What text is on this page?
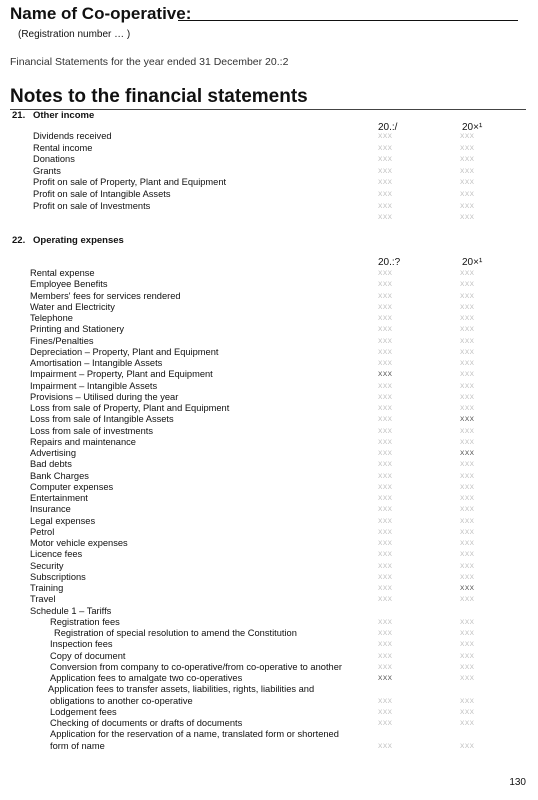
Name of Co-operative:
(Registration number … )
Financial Statements for the year ended 31 December 20.:2
Notes to the financial statements
21. Other income
20.:/	20×¹
Dividends received	XXX	XXX
Rental income	XXX	XXX
Donations	XXX	XXX
Grants	XXX	XXX
Profit on sale of Property, Plant and Equipment	XXX	XXX
Profit on sale of Intangible Assets	XXX	XXX
Profit on sale of Investments	XXX	XXX
XXX	XXX
22. Operating expenses
20.:?	20×¹
Rental expense	XXX	XXX
Employee Benefits	XXX	XXX
Members' fees for services rendered	XXX	XXX
Water and Electricity	XXX	XXX
Telephone	XXX	XXX
Printing and Stationery	XXX	XXX
Fines/Penalties	XXX	XXX
Depreciation – Property, Plant and Equipment	XXX	XXX
Amortisation – Intangible Assets	XXX	XXX
Impairment – Property, Plant and Equipment	XXX	XXX
Impairment – Intangible Assets	XXX	XXX
Provisions – Utilised during the year	XXX	XXX
Loss from sale of Property, Plant and Equipment	XXX	XXX
Loss from sale of Intangible Assets	XXX	XXX
Loss from sale of investments	XXX	XXX
Repairs and maintenance	XXX	XXX
Advertising	XXX	XXX
Bad debts	XXX	XXX
Bank Charges	XXX	XXX
Computer expenses	XXX	XXX
Entertainment	XXX	XXX
Insurance	XXX	XXX
Legal expenses	XXX	XXX
Petrol	XXX	XXX
Motor vehicle expenses	XXX	XXX
Licence fees	XXX	XXX
Security	XXX	XXX
Subscriptions	XXX	XXX
Training	XXX	XXX
Travel	XXX	XXX
Schedule 1 – Tariffs
Registration fees	XXX	XXX
Registration of special resolution to amend the Constitution	XXX	XXX
Inspection fees	XXX	XXX
Copy of document	XXX	XXX
Conversion from company to co-operative/from co-operative to another	XXX	XXX
Application fees to amalgate two co-operatives	XXX	XXX
Application fees to transfer assets, liabilities, rights, liabilities and
obligations to another co-operative	XXX	XXX
Lodgement fees	XXX	XXX
Checking of documents or drafts of documents	XXX	XXX
Application for the reservation of a name, translated form or shortened
form of name	XXX	XXX
130
